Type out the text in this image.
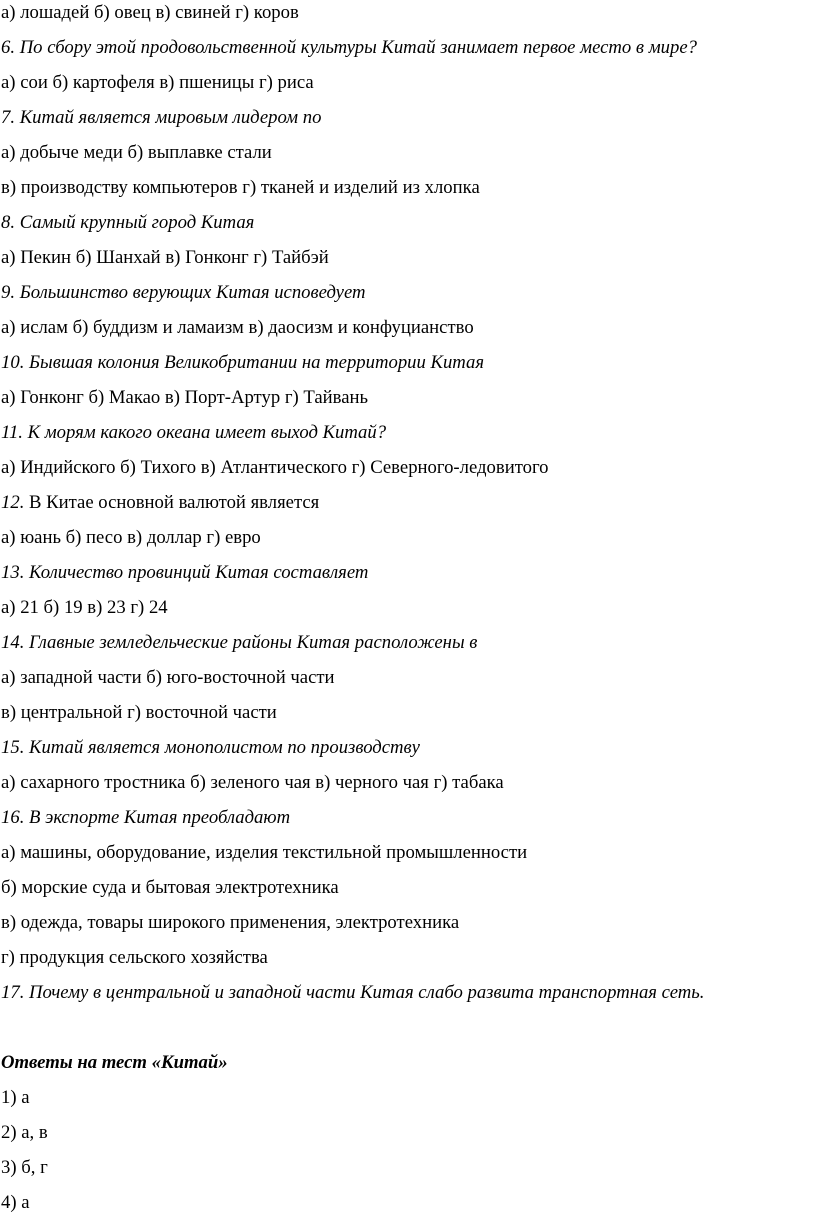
а) лошадей б) овец в) свиней г) коров
6. По сбору этой продовольственной культуры Китай занимает первое место в мире?
а) сои б) картофеля в) пшеницы г) риса
7. Китай является мировым лидером по
а) добыче меди б) выплавке стали
в) производству компьютеров г) тканей и изделий из хлопка
8. Самый крупный город Китая
а) Пекин б) Шанхай в) Гонконг г) Тайбэй
9. Большинство верующих Китая исповедует
а) ислам б) буддизм и ламаизм в) даосизм и конфуцианство
10. Бывшая колония Великобритании на территории Китая
а) Гонконг б) Макао в) Порт-Артур г) Тайвань
11. К морям какого океана имеет выход Китай?
а) Индийского б) Тихого в) Атлантического г) Северного-ледовитого
12. В Китае основной валютой является
а) юань б) песо в) доллар г) евро
13. Количество провинций Китая составляет
а) 21 б) 19 в) 23 г) 24
14. Главные земледельческие районы Китая расположены в
а) западной части б) юго-восточной части
в) центральной г) восточной части
15. Китай является монополистом по производству
а) сахарного тростника б) зеленого чая в) черного чая г) табака
16. В экспорте Китая преобладают
а) машины, оборудование, изделия текстильной промышленности
б) морские суда и бытовая электротехника
в) одежда, товары широкого применения, электротехника
г) продукция сельского хозяйства
17. Почему в центральной и западной части Китая слабо развита транспортная сеть.
Ответы на тест «Китай»
1) а
2) а, в
3) б, г
4) а
